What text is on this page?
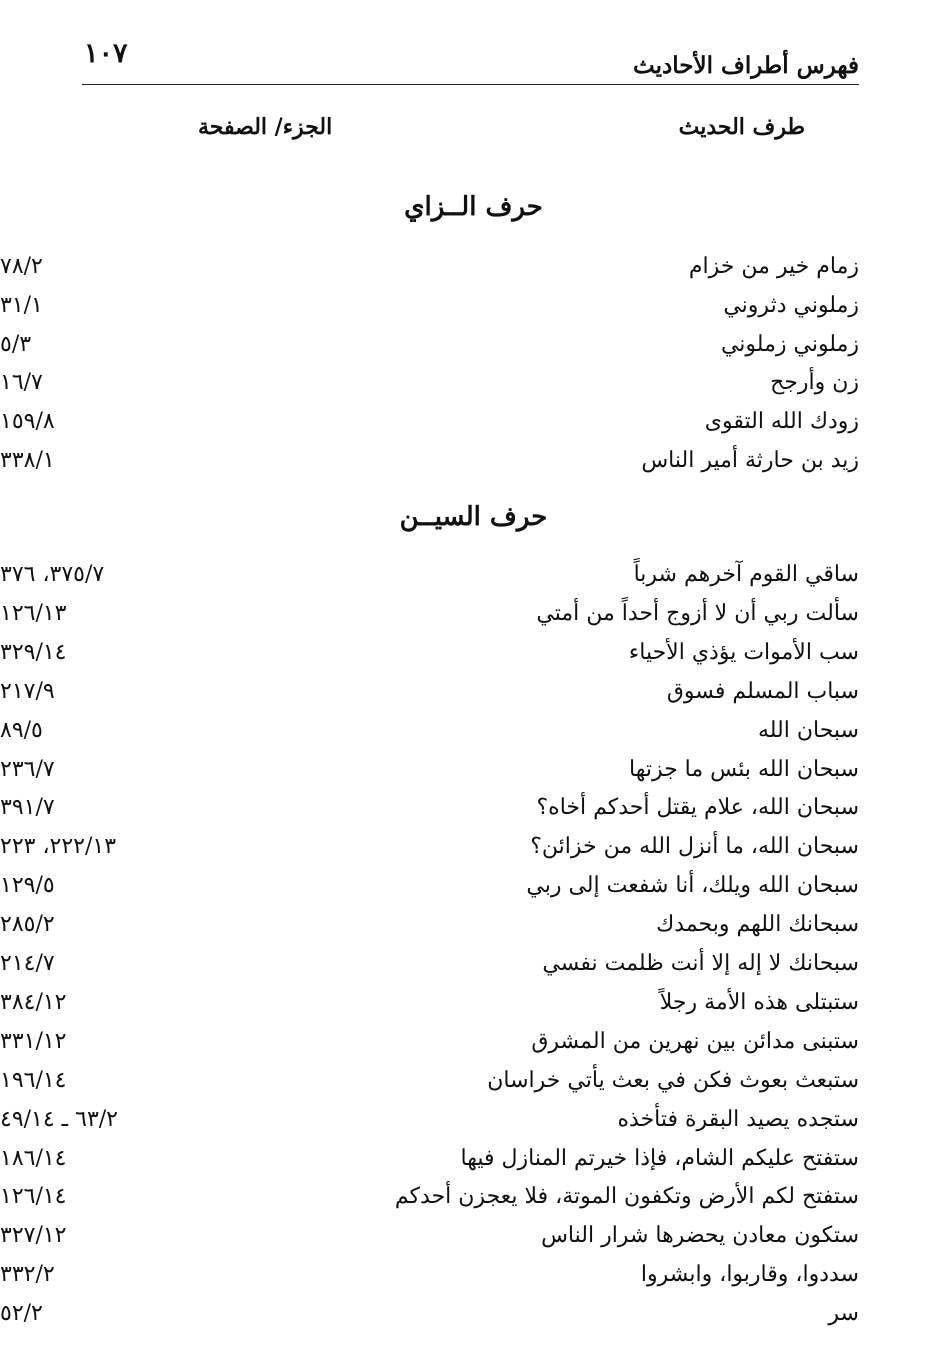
١٠٧	فهرس أطراف الأحاديث
طرف الحديث
الجزء/ الصفحة
حرف الــزاي
زمام خير من خزام
٧٨/٢
زملوني دثروني
٣١/١
زملوني زملوني
٥/٣
زن وأرجح
١٦/٧
زودك الله التقوى
١٥٩/٨
زيد بن حارثة أمير الناس
٣٣٨/١
حرف السيــن
ساقي القوم آخرهم شرباً
٣٧٥/٧، ٣٧٦
سألت ربي أن لا أزوج أحداً من أمتي
١٢٦/١٣
سب الأموات يؤذي الأحياء
٣٢٩/١٤
سباب المسلم فسوق
٢١٧/٩
سبحان الله
٨٩/٥
سبحان الله بئس ما جزتها
٢٣٦/٧
سبحان الله، علام يقتل أحدكم أخاه؟
٣٩١/٧
سبحان الله، ما أنزل الله من خزائن؟
٢٢٢/١٣، ٢٢٣
سبحان الله ويلك، أنا شفعت إلى ربي
١٢٩/٥
سبحانك اللهم وبحمدك
٢٨٥/٢
سبحانك لا إله إلا أنت ظلمت نفسي
٢١٤/٧
ستبتلى هذه الأمة رجلاً
٣٨٤/١٢
ستبنى مدائن بين نهرين من المشرق
٣٣١/١٢
ستبعث بعوث فكن في بعث يأتي خراسان
١٩٦/١٤
ستجده يصيد البقرة فتأخذه
٦٣/٢ ـ ٤٩/١٤
ستفتح عليكم الشام، فإذا خيرتم المنازل فيها
١٨٦/١٤
ستفتح لكم الأرض وتكفون الموتة، فلا يعجزن أحدكم
١٢٦/١٤
ستكون معادن يحضرها شرار الناس
٣٢٧/١٢
سددوا، وقاربوا، وابشروا
٣٣٢/٢
سر
٥٢/٢
